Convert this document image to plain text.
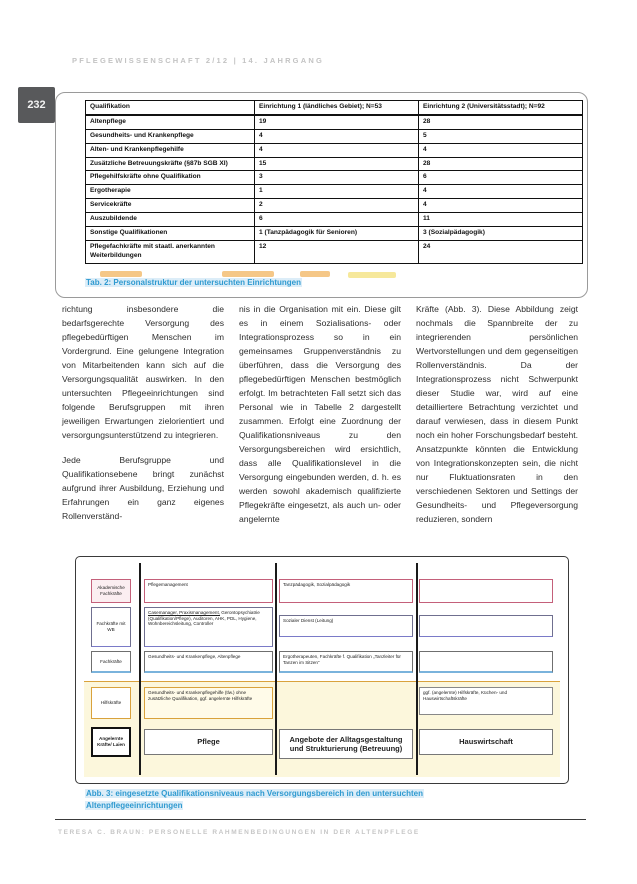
PFLEGEWISSENSCHAFT 2/12 | 14. JAHRGANG
232	Qualifikation	Einrichtung 1 (ländliches Gebiet); N=53	Einrichtung 2 (Universitätsstadt); N=92
Altenpflege	19	28
Gesundheits- und Krankenpflege	4	5
Alten- und Krankenpflegehilfe	4	4
Zusätzliche Betreuungskräfte (§87b SGB XI)	15	28
Pflegehilfskräfte ohne Qualifikation	3	6
Ergotherapie	1	4
Servicekräfte	2	4
Auszubildende	6	11
Sonstige Qualifikationen	1 (Tanzpädagogik für Senioren)	3 (Sozialpädagogik)
Pflegefachkräfte mit staatl. anerkannten Weiterbildungen	12	24
Tab. 2: Personalstruktur der untersuchten Einrichtungen

richtung insbesondere die bedarfsgerechte Versorgung des pflegebedürftigen Menschen im Vordergrund. Eine gelungene Integration von Mitarbeitenden kann sich auf die Versorgungsqualität auswirken. In den untersuchten Pflegeeinrichtungen sind folgende Berufsgruppen mit ihren jeweiligen Erwartungen zielorientiert und versorgungsunterstützend zu integrieren.

Jede Berufsgruppe und Qualifikationsebene bringt zunächst aufgrund ihrer Ausbildung, Erziehung und Erfahrungen ein ganz eigenes Rollenverständ-

nis in die Organisation mit ein. Diese gilt es in einem Sozialisations- oder Integrationsprozess so in ein gemeinsames Gruppenverständnis zu überführen, dass die Versorgung des pflegebedürftigen Menschen bestmöglich erfolgt. Im betrachteten Fall setzt sich das Personal wie in Tabelle 2 dargestellt zusammen. Erfolgt eine Zuordnung der Qualifikationsniveaus zu den Versorgungsbereichen wird ersichtlich, dass alle Qualifikationslevel in die Versorgung eingebunden werden, d. h. es werden sowohl akademisch qualifizierte Pflegekräfte eingesetzt, als auch un- oder angelernte

Kräfte (Abb. 3). Diese Abbildung zeigt nochmals die Spannbreite der zu integrierenden persönlichen Wertvorstellungen und dem gegenseitigen Rollenverständnis. Da der Integrationsprozess nicht Schwerpunkt dieser Studie war, wird auf eine detailliertere Betrachtung verzichtet und darauf verwiesen, dass in diesem Punkt noch ein hoher Forschungsbedarf besteht. Ansatzpunkte könnten die Entwicklung von Integrationskonzepten sein, die nicht nur Fluktuationsraten in den verschiedenen Sektoren und Settings der Gesundheits- und Pflegeversorgung reduzieren, sondern

Akademische Fachkräfte
Pflegemanagement	Tanzpädagogik, Sozialpädagogik
Fachkräfte mit WB
Casemanager, Praxismanagement, Gerontopsychiatrie (Qualifikation/Pflege), Auditoren, AHK, PDL, Hygiene, Wohnbereichsleitung, Controller
Sozialer Dienst (Leitung)
Fachkräfte
Gesundheits- und Krankenpflege, Altenpflege	Ergotherapeuten, Fachkräfte f. Qualifikation „Tanzleiter für Tanzen im Sitzen“
Hilfskräfte
Gesundheits- und Krankenpflegehilfe (tlw.) ohne zusätzliche Qualifikation, ggf. angelernte Hilfskräfte
ggf. (angelernte) Hilfskräfte, Küchen- und Hauswirtschaftskräfte
Angelernte Kräfte/ Laien	Pflege	Angebote der Alltagsgestaltung und Strukturierung (Betreuung)
Hauswirtschaft
Abb. 3: eingesetzte Qualifikationsniveaus nach Versorgungsbereich in den untersuchten
Altenpflegeeinrichtungen
TERESA C. BRAUN: PERSONELLE RAHMENBEDINGUNGEN IN DER ALTENPFLEGE
